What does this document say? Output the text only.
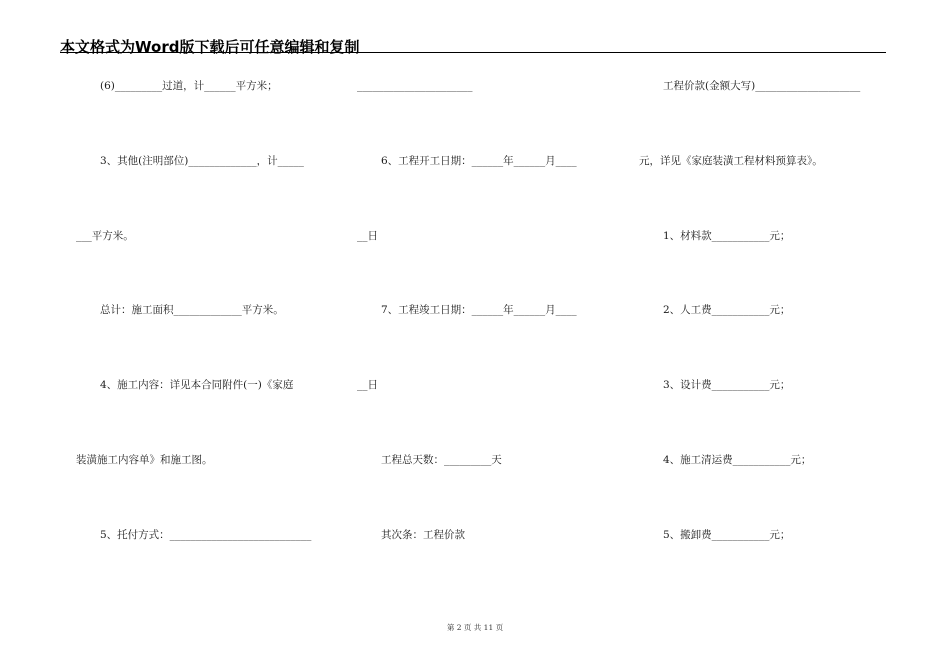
本文格式为Word版下载后可任意编辑和复制
(6)_________过道，计______平方米；
3、其他(注明部位)_____________，计_____
___平方米。
总计：施工面积_____________平方米。
4、施工内容：详见本合同附件(一)《家庭
装潢施工内容单》和施工图。
5、托付方式：___________________________
______________________
6、工程开工日期：______年______月____
__日
7、工程竣工日期：______年______月____
__日
工程总天数：_________天
其次条：工程价款
工程价款(金额大写)____________________
元，详见《家庭装潢工程材料预算表》。
1、材料款___________元；
2、人工费___________元；
3、设计费___________元；
4、施工清运费___________元；
5、搬卸费___________元；
第 2 页 共 11 页
